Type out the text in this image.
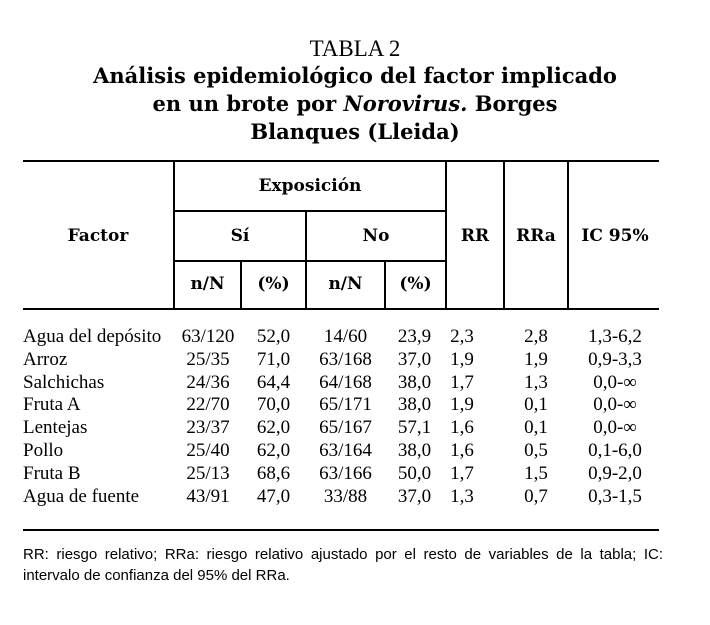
TABLA 2
Análisis epidemiológico del factor implicado
en un brote por Norovirus. Borges
Blanques (Lleida)
Factor
Exposición
Sí	No	RR	RRa	IC 95%
n/N	(%)	n/N	(%)
Agua del depósito	63/120	52,0	14/60	23,9	2,3	2,8	1,3-6,2
Arroz	25/35	71,0	63/168	37,0	1,9	1,9	0,9-3,3
Salchichas	24/36	64,4	64/168	38,0	1,7	1,3	0,0-∞
Fruta A	22/70	70,0	65/171	38,0	1,9	0,1	0,0-∞
Lentejas	23/37	62,0	65/167	57,1	1,6	0,1	0,0-∞
Pollo	25/40	62,0	63/164	38,0	1,6	0,5	0,1-6,0
Fruta B	25/13	68,6	63/166	50,0	1,7	1,5	0,9-2,0
Agua de fuente	43/91	47,0	33/88	37,0	1,3	0,7	0,3-1,5
RR: riesgo relativo; RRa: riesgo relativo ajustado por el resto de variables de la tabla; IC: intervalo de confianza del 95% del RRa.
